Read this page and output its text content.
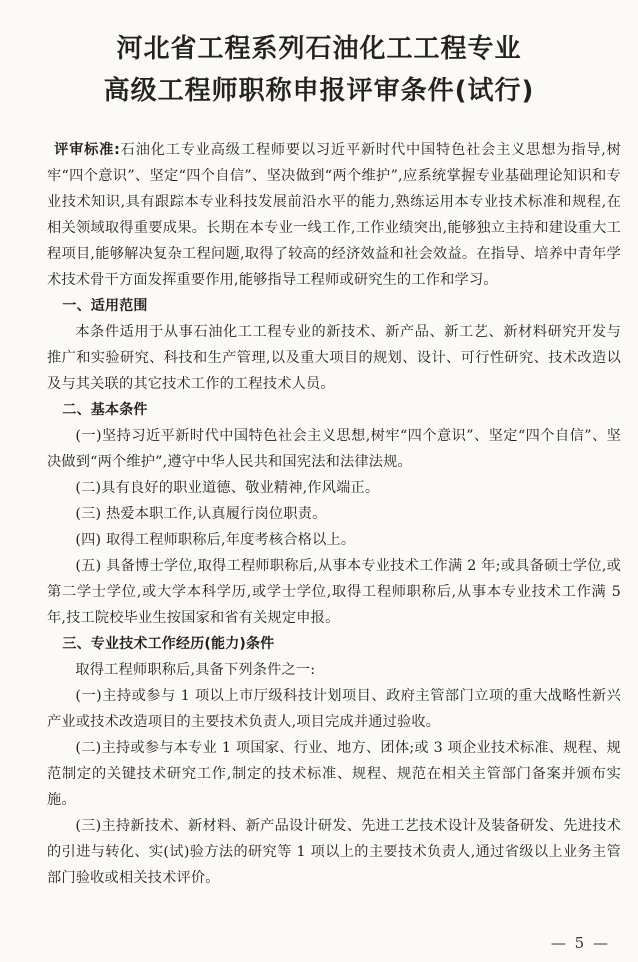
河北省工程系列石油化工工程专业
高级工程师职称申报评审条件(试行)

评审标准:石油化工专业高级工程师要以习近平新时代中国特色社会主义思想为指导,树牢“四个意识”、坚定“四个自信”、坚决做到“两个维护”,应系统掌握专业基础理论知识和专业技术知识,具有跟踪本专业科技发展前沿水平的能力,熟练运用本专业技术标准和规程,在相关领域取得重要成果。长期在本专业一线工作,工作业绩突出,能够独立主持和建设重大工程项目,能够解决复杂工程问题,取得了较高的经济效益和社会效益。在指导、培养中青年学术技术骨干方面发挥重要作用,能够指导工程师或研究生的工作和学习。

一、适用范围

本条件适用于从事石油化工工程专业的新技术、新产品、新工艺、新材料研究开发与推广和实验研究、科技和生产管理,以及重大项目的规划、设计、可行性研究、技术改造以及与其关联的其它技术工作的工程技术人员。

二、基本条件

(一)坚持习近平新时代中国特色社会主义思想,树牢“四个意识”、坚定“四个自信”、坚决做到“两个维护”,遵守中华人民共和国宪法和法律法规。

(二)具有良好的职业道德、敬业精神,作风端正。

(三) 热爱本职工作,认真履行岗位职责。

(四) 取得工程师职称后,年度考核合格以上。

(五) 具备博士学位,取得工程师职称后,从事本专业技术工作满 2 年;或具备硕士学位,或第二学士学位,或大学本科学历,或学士学位,取得工程师职称后,从事本专业技术工作满 5 年,技工院校毕业生按国家和省有关规定申报。

三、专业技术工作经历(能力)条件

取得工程师职称后,具备下列条件之一:

(一)主持或参与 1 项以上市厅级科技计划项目、政府主管部门立项的重大战略性新兴产业或技术改造项目的主要技术负责人,项目完成并通过验收。

(二)主持或参与本专业 1 项国家、行业、地方、团体;或 3 项企业技术标准、规程、规范制定的关键技术研究工作,制定的技术标准、规程、规范在相关主管部门备案并颁布实施。

(三)主持新技术、新材料、新产品设计研发、先进工艺技术设计及装备研发、先进技术的引进与转化、实(试)验方法的研究等 1 项以上的主要技术负责人,通过省级以上业务主管部门验收或相关技术评价。

— 5 —
